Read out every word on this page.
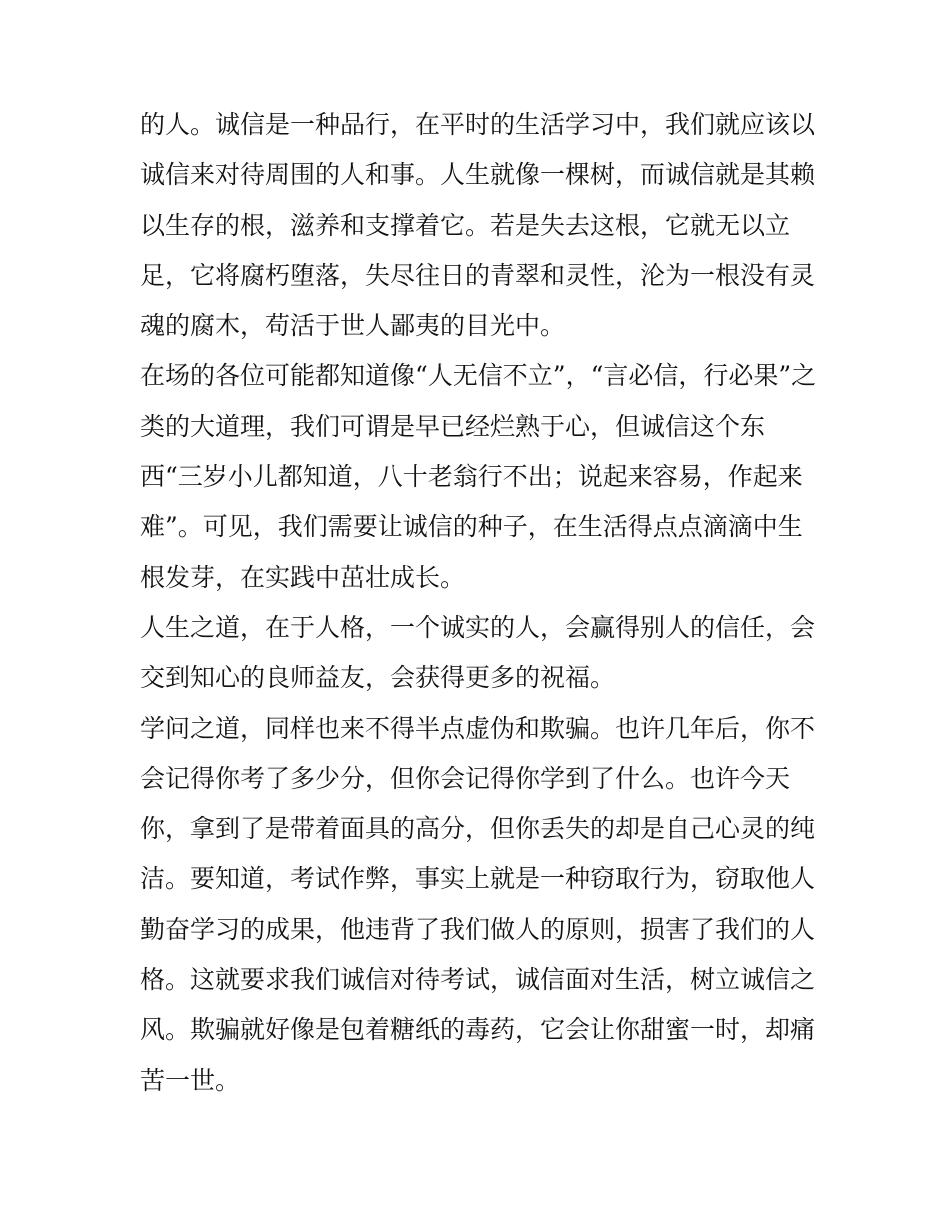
的人。诚信是一种品行，在平时的生活学习中，我们就应该以
诚信来对待周围的人和事。人生就像一棵树，而诚信就是其赖
以生存的根，滋养和支撑着它。若是失去这根，它就无以立
足，它将腐朽堕落，失尽往日的青翠和灵性，沦为一根没有灵
魂的腐木，苟活于世人鄙夷的目光中。
在场的各位可能都知道像“人无信不立”，“言必信，行必果”之
类的大道理，我们可谓是早已经烂熟于心，但诚信这个东
西“三岁小儿都知道，八十老翁行不出；说起来容易，作起来
难”。可见，我们需要让诚信的种子，在生活得点点滴滴中生
根发芽，在实践中茁壮成长。
人生之道，在于人格，一个诚实的人，会赢得别人的信任，会
交到知心的良师益友，会获得更多的祝福。
学问之道，同样也来不得半点虚伪和欺骗。也许几年后，你不
会记得你考了多少分，但你会记得你学到了什么。也许今天
你，拿到了是带着面具的高分，但你丢失的却是自己心灵的纯
洁。要知道，考试作弊，事实上就是一种窃取行为，窃取他人
勤奋学习的成果，他违背了我们做人的原则，损害了我们的人
格。这就要求我们诚信对待考试，诚信面对生活，树立诚信之
风。欺骗就好像是包着糖纸的毒药，它会让你甜蜜一时，却痛
苦一世。
